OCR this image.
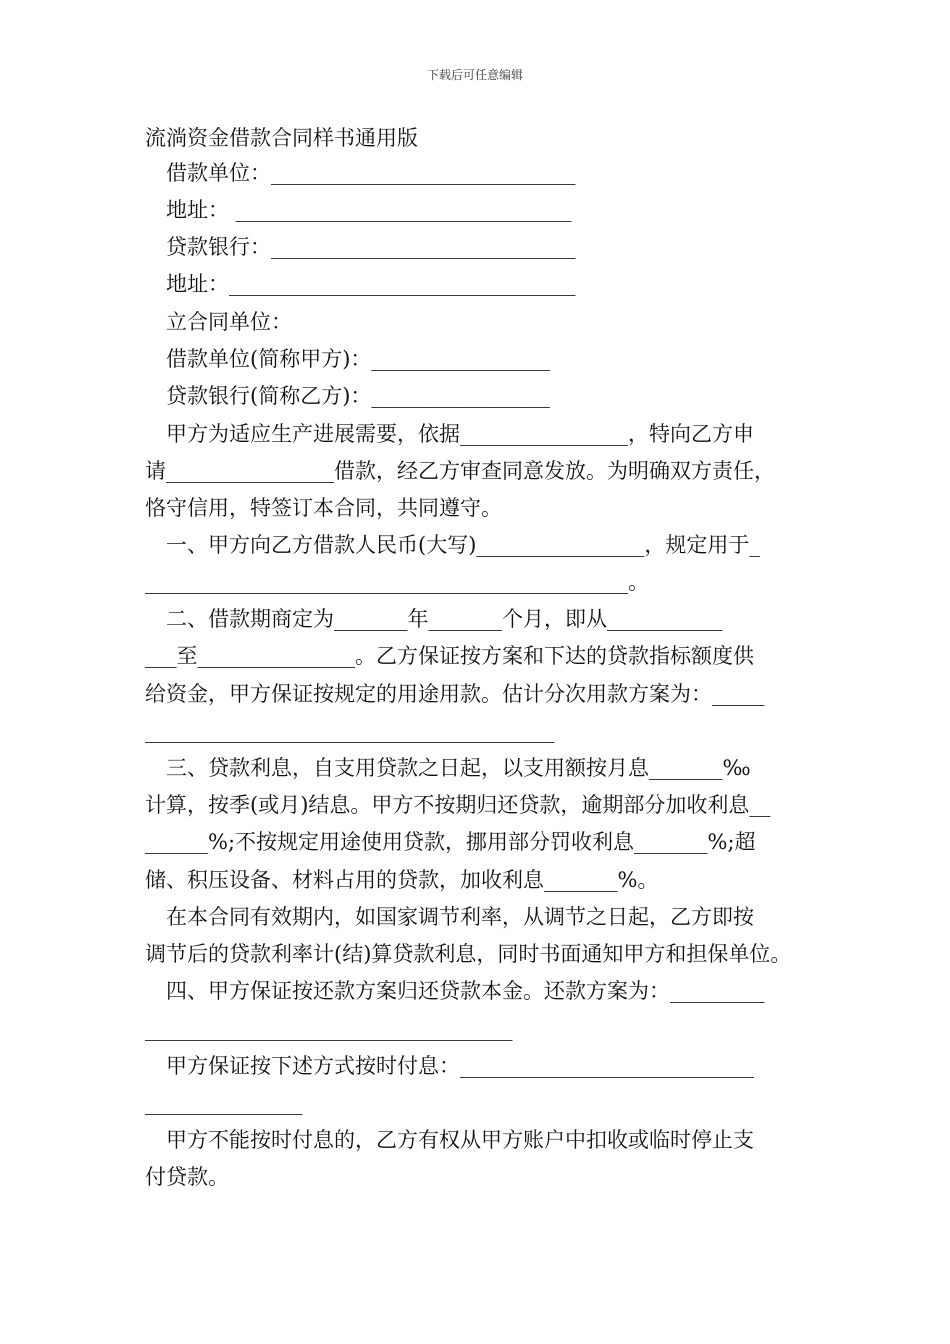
下载后可任意编辑
流淌资金借款合同样书通用版
借款单位：_____________________________
地址： ________________________________
贷款银行：_____________________________
地址：_________________________________
立合同单位：
借款单位(简称甲方)：_________________
贷款银行(简称乙方)：_________________
甲方为适应生产进展需要，依据________________，特向乙方申
请________________借款，经乙方审查同意发放。为明确双方责任，
恪守信用，特签订本合同，共同遵守。
一、甲方向乙方借款人民币(大写)________________，规定用于_
______________________________________________。
二、借款期商定为_______年_______个月，即从___________
___至_______________。乙方保证按方案和下达的贷款指标额度供
给资金，甲方保证按规定的用途用款。估计分次用款方案为：_____
_______________________________________
三、贷款利息，自支用贷款之日起，以支用额按月息_______‰
计算，按季(或月)结息。甲方不按期归还贷款，逾期部分加收利息__
______%;不按规定用途使用贷款，挪用部分罚收利息_______%;超
储、积压设备、材料占用的贷款，加收利息_______%。
在本合同有效期内，如国家调节利率，从调节之日起，乙方即按
调节后的贷款利率计(结)算贷款利息，同时书面通知甲方和担保单位。
四、甲方保证按还款方案归还贷款本金。还款方案为：_________
___________________________________
甲方保证按下述方式按时付息：____________________________
_______________
甲方不能按时付息的，乙方有权从甲方账户中扣收或临时停止支
付贷款。
